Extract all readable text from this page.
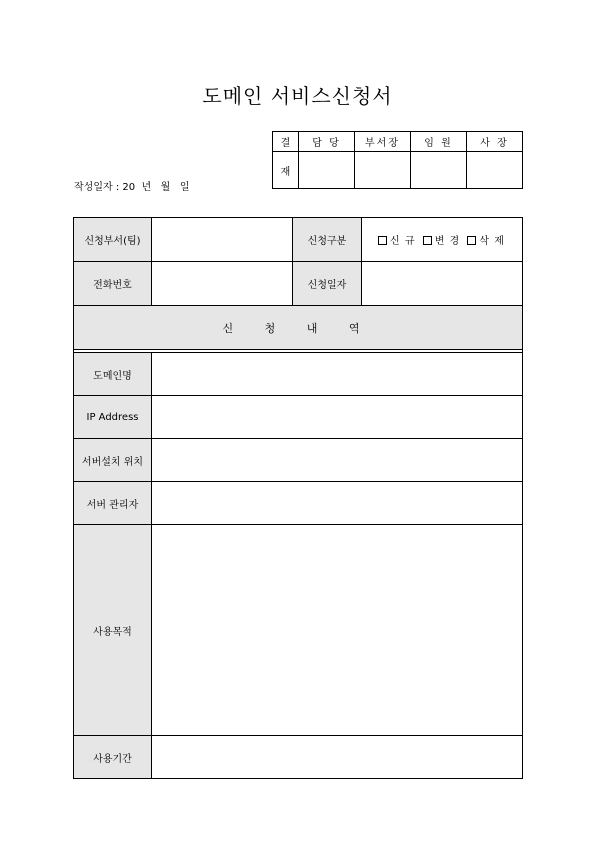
도메인 서비스신청서
작성일자 : 20  년   월   일
결	담 당	부서장	임 원	사 장
재				
신청부서(팀)		신청구분	신 규 변 경 삭 제
전화번호		신청일자	
신 청 내 역			

도메인명			
IP Address			
서버설치 위치			
서버 관리자			
사용목적			
사용기간			
